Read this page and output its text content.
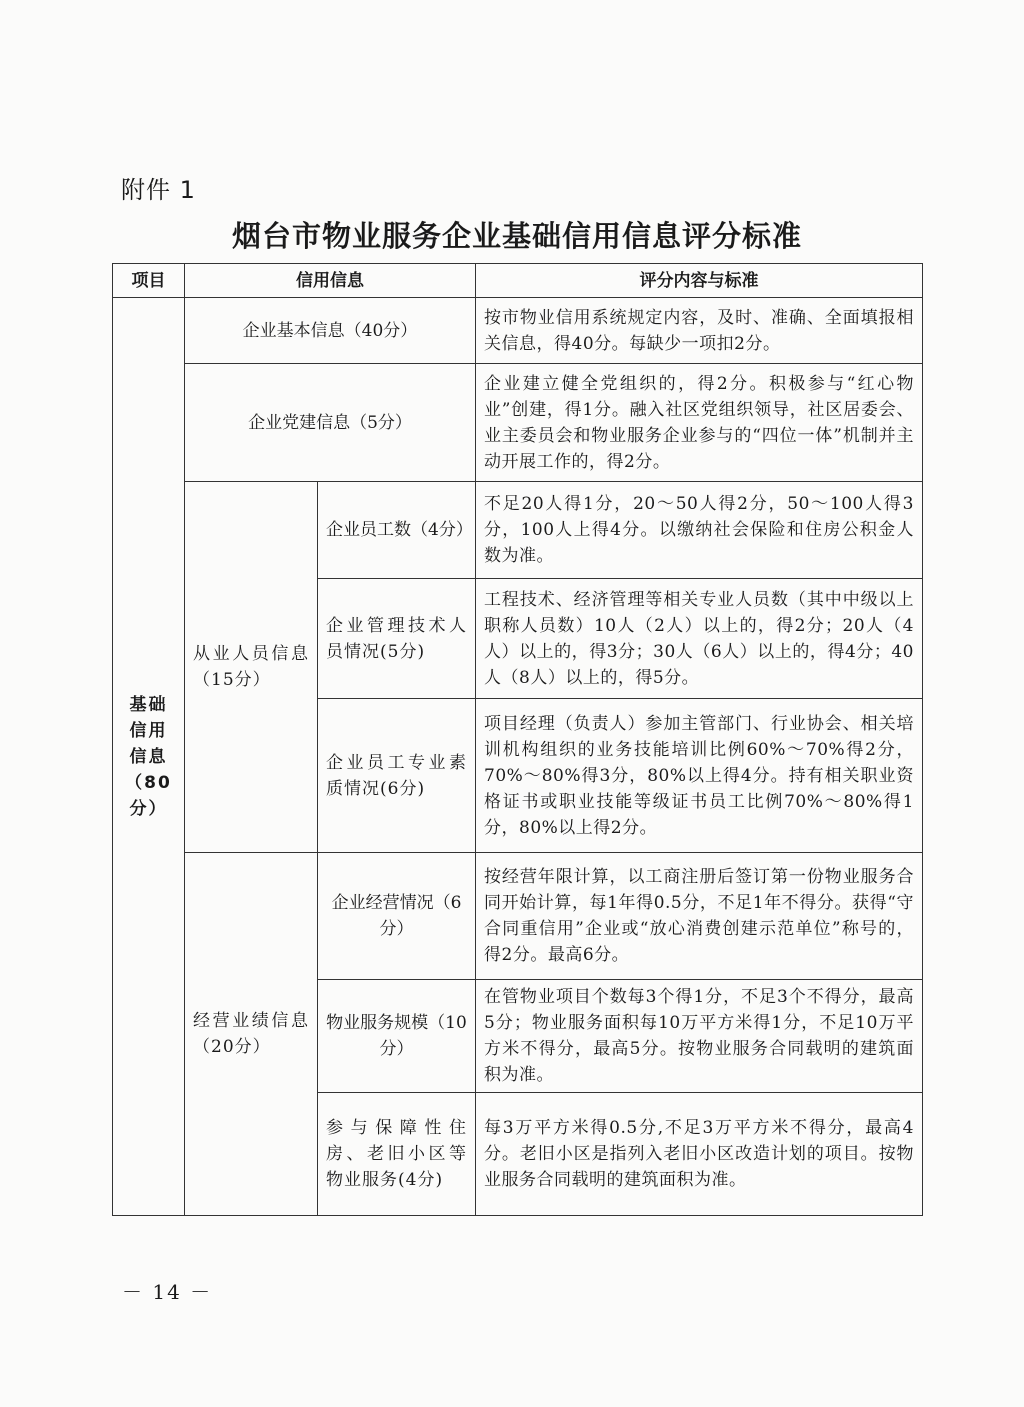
附件 1
烟台市物业服务企业基础信用信息评分标准
项目	信用信息		评分内容与标准
基础信用信息（80分）	企业基本信息（40分）		按市物业信用系统规定内容，及时、准确、全面填报相关信息，得40分。每缺少一项扣2分。
	企业党建信息（5分）		企业建立健全党组织的，得2分。积极参与“红心物业”创建，得1分。融入社区党组织领导，社区居委会、业主委员会和物业服务企业参与的“四位一体”机制并主动开展工作的，得2分。
	从业人员信息（15分）	企业员工数（4分）	不足20人得1分，20～50人得2分，50～100人得3分，100人上得4分。以缴纳社会保险和住房公积金人数为准。
		企业管理技术人员情况(5分)	工程技术、经济管理等相关专业人员数（其中中级以上职称人员数）10人（2人）以上的，得2分；20人（4人）以上的，得3分；30人（6人）以上的，得4分；40人（8人）以上的，得5分。
		企业员工专业素质情况(6分)	项目经理（负责人）参加主管部门、行业协会、相关培训机构组织的业务技能培训比例60%～70%得2分，70%～80%得3分，80%以上得4分。持有相关职业资格证书或职业技能等级证书员工比例70%～80%得1分，80%以上得2分。
	经营业绩信息（20分）	企业经营情况（6分）	按经营年限计算，以工商注册后签订第一份物业服务合同开始计算，每1年得0.5分，不足1年不得分。获得“守合同重信用”企业或“放心消费创建示范单位”称号的，得2分。最高6分。
		物业服务规模（10分）	在管物业项目个数每3个得1分，不足3个不得分，最高5分；物业服务面积每10万平方米得1分，不足10万平方米不得分，最高5分。按物业服务合同载明的建筑面积为准。
		参与保障性住房、老旧小区等物业服务(4分)	每3万平方米得0.5分,不足3万平方米不得分，最高4分。老旧小区是指列入老旧小区改造计划的项目。按物业服务合同载明的建筑面积为准。
－ 14 －
